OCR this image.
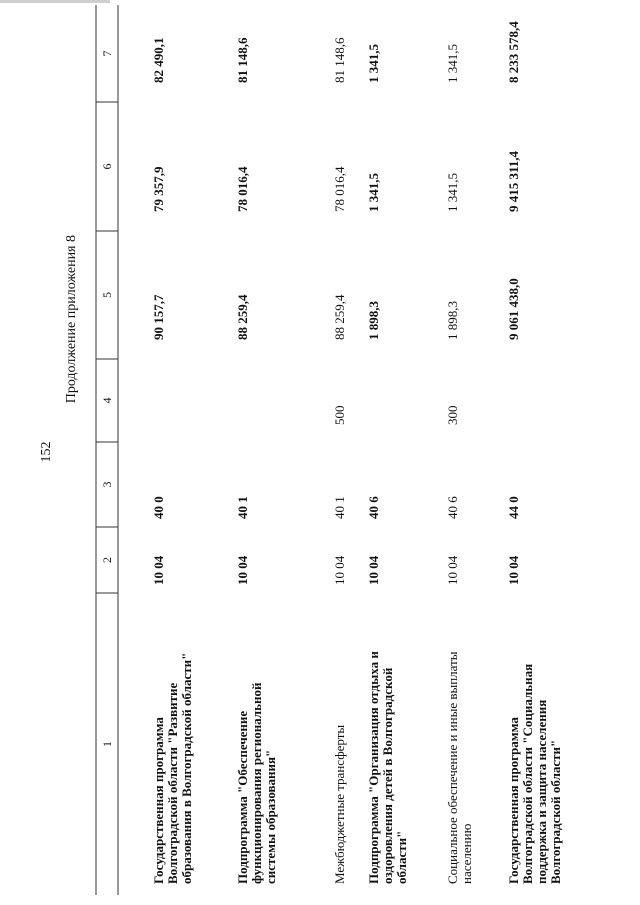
152
Продолжение приложения 8
1
2
3
4
5
6
7
Государственная программа Волгоградской области "Развитие образования в Волгоградской области"
10 04
40 0
90 157,7
79 357,9
82 490,1
Подпрограмма "Обеспечение функционирования региональной системы образования"
10 04
40 1
88 259,4
78 016,4
81 148,6
Межбюджетные трансферты
10 04
40 1
500
88 259,4
78 016,4
81 148,6
Подпрограмма "Организация отдыха и оздоровления детей в Волгоградской области"
10 04
40 6
1 898,3
1 341,5
1 341,5
Социальное обеспечение и иные выплаты населению
10 04
40 6
300
1 898,3
1 341,5
1 341,5
Государственная программа Волгоградской области "Социальная поддержка и защита населения Волгоградской области"
10 04
44 0
9 061 438,0
9 415 311,4
8 233 578,4
